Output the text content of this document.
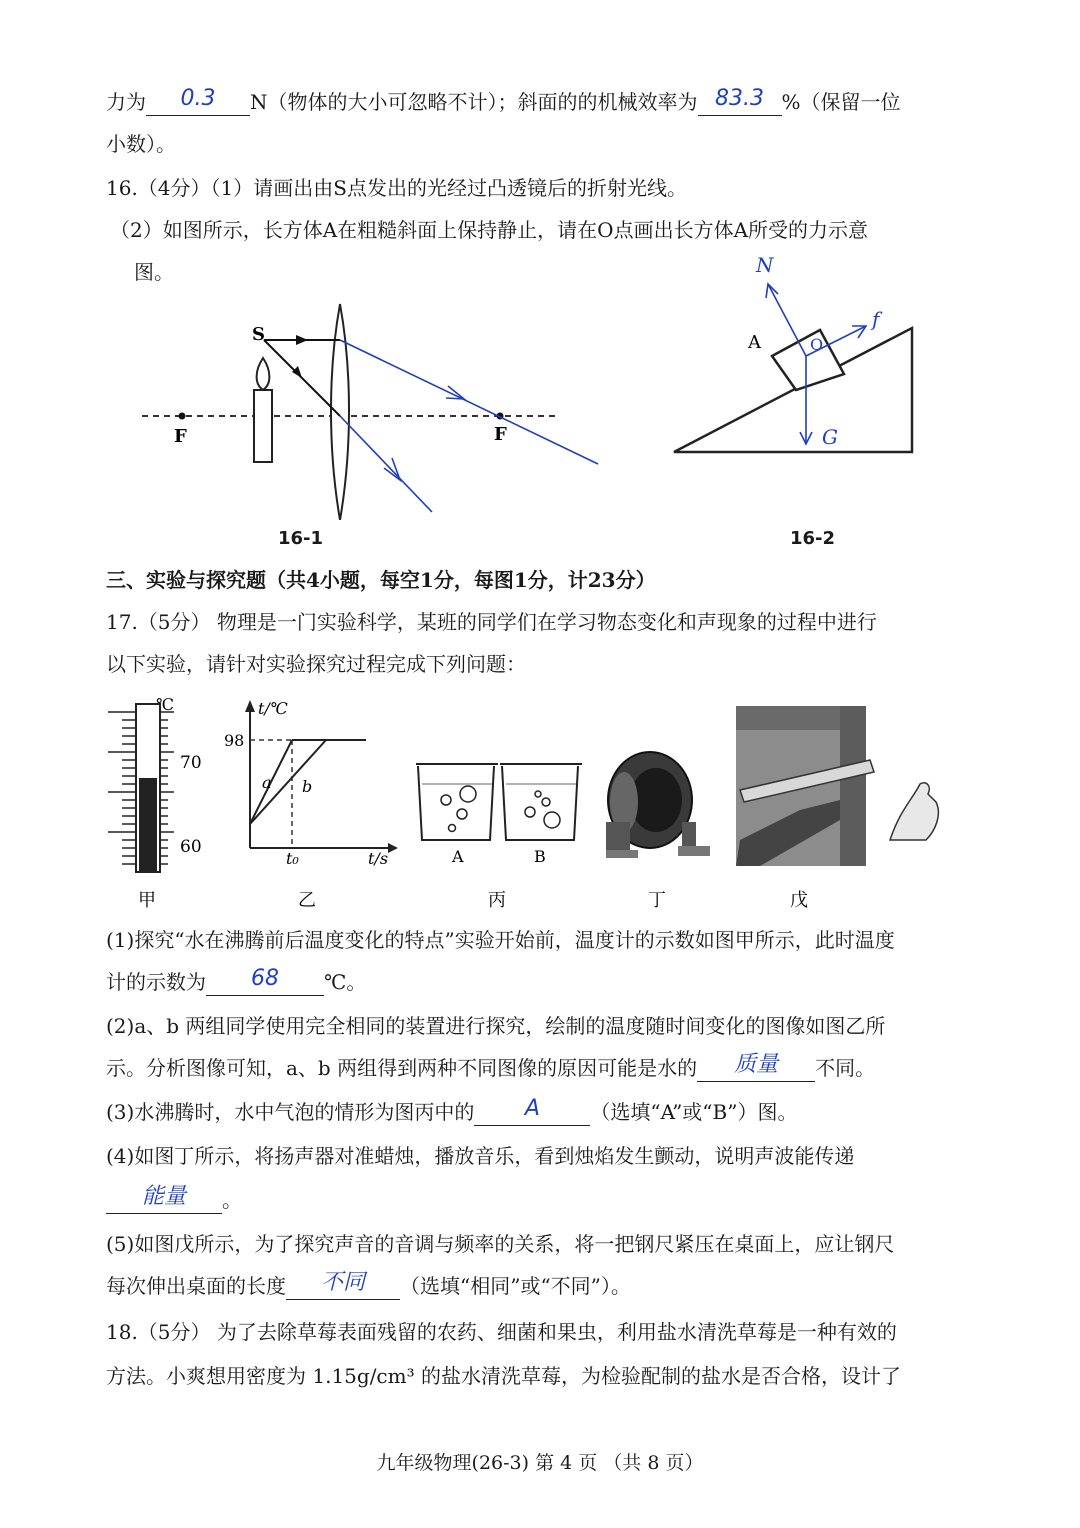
力为	0.3	N（物体的大小可忽略不计）；斜面的的机械效率为 83.3 %（保留一位
小数）。
16.（4分）（1）请画出由S点发出的光经过凸透镜后的折射光线。
（2）如图所示，长方体A在粗糙斜面上保持静止，请在O点画出长方体A所受的力示意
图。
F	F
S
16-1
A	O
N
f
G
16-2
三、实验与探究题（共4小题，每空1分，每图1分，计23分）
17.（5分） 物理是一门实验科学，某班的同学们在学习物态变化和声现象的过程中进行
以下实验，请针对实验探究过程完成下列问题：
℃
70
60
甲
98
t/℃
t/s
t₀
a b
乙
A	B
丙	丁	戊
(1)探究“水在沸腾前后温度变化的特点”实验开始前，温度计的示数如图甲所示，此时温度
计的示数为	68	℃。
(2)a、b 两组同学使用完全相同的装置进行探究，绘制的温度随时间变化的图像如图乙所
示。分析图像可知，a、b 两组得到两种不同图像的原因可能是水的	质量	不同。
(3)水沸腾时，水中气泡的情形为图丙中的	A	（选填“A”或“B”）图。
(4)如图丁所示，将扬声器对准蜡烛，播放音乐，看到烛焰发生颤动，说明声波能传递
能量	。
(5)如图戊所示，为了探究声音的音调与频率的关系，将一把钢尺紧压在桌面上，应让钢尺
每次伸出桌面的长度	不同	（选填“相同”或“不同”）。
18.（5分） 为了去除草莓表面残留的农药、细菌和果虫，利用盐水清洗草莓是一种有效的
方法。小爽想用密度为 1.15g/cm³ 的盐水清洗草莓，为检验配制的盐水是否合格，设计了
九年级物理(26-3) 第 4 页 （共 8 页）
